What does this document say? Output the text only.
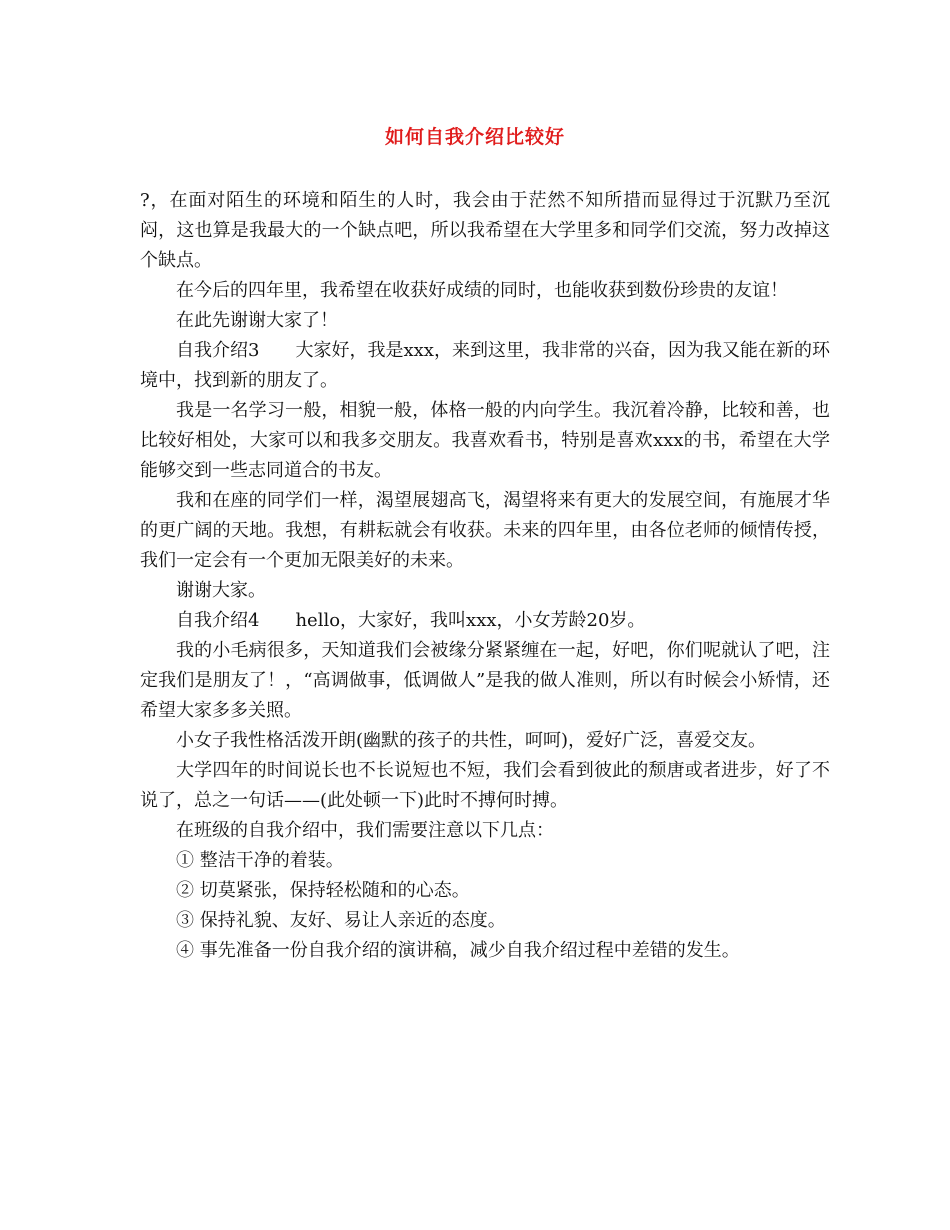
如何自我介绍比较好

?，在面对陌生的环境和陌生的人时，我会由于茫然不知所措而显得过于沉默乃至沉闷，这也算是我最大的一个缺点吧，所以我希望在大学里多和同学们交流，努力改掉这个缺点。

在今后的四年里，我希望在收获好成绩的同时，也能收获到数份珍贵的友谊！

在此先谢谢大家了！

自我介绍3　　大家好，我是xxx，来到这里，我非常的兴奋，因为我又能在新的环境中，找到新的朋友了。

我是一名学习一般，相貌一般，体格一般的内向学生。我沉着冷静，比较和善，也比较好相处，大家可以和我多交朋友。我喜欢看书，特别是喜欢xxx的书，希望在大学能够交到一些志同道合的书友。

我和在座的同学们一样，渴望展翅高飞，渴望将来有更大的发展空间，有施展才华的更广阔的天地。我想，有耕耘就会有收获。未来的四年里，由各位老师的倾情传授，我们一定会有一个更加无限美好的未来。

谢谢大家。

自我介绍4　　hello，大家好，我叫xxx，小女芳龄20岁。

我的小毛病很多，天知道我们会被缘分紧紧缠在一起，好吧，你们呢就认了吧，注定我们是朋友了！，“高调做事，低调做人”是我的做人准则，所以有时候会小矫情，还希望大家多多关照。

小女子我性格活泼开朗(幽默的孩子的共性，呵呵)，爱好广泛，喜爱交友。

大学四年的时间说长也不长说短也不短，我们会看到彼此的颓唐或者进步，好了不说了，总之一句话——(此处顿一下)此时不搏何时搏。

在班级的自我介绍中，我们需要注意以下几点：

① 整洁干净的着装。

② 切莫紧张，保持轻松随和的心态。

③ 保持礼貌、友好、易让人亲近的态度。

④ 事先准备一份自我介绍的演讲稿，减少自我介绍过程中差错的发生。
